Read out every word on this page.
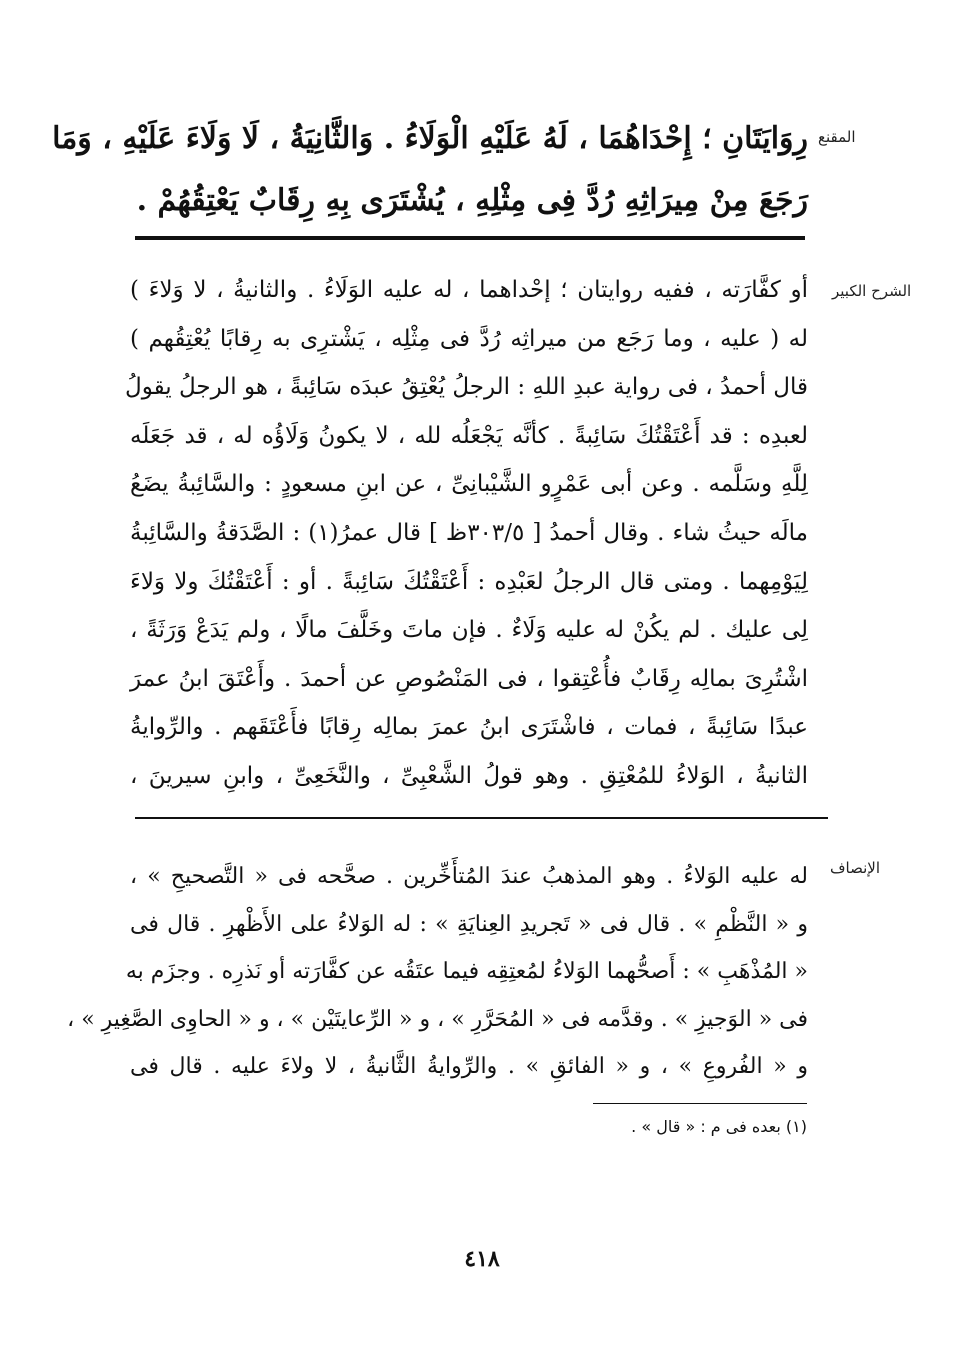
المقنع
رِوَايَتَانِ ؛ إِحْدَاهُمَا ، لَهُ عَلَيْهِ الْوَلَاءُ . وَالثَّانِيَةُ ، لَا وَلَاءَ عَلَيْهِ ، وَمَا
رَجَعَ مِنْ مِيرَاثِهِ رُدَّ فِى مِثْلِهِ ، يُشْتَرَى بِهِ رِقَابٌ يَعْتِقُهُمْ .
الشرح الكبير
أو كفَّارَته ، ففيه روايتان ؛ إحْداهما ، له عليه الوَلَاءُ . والثانيةُ ، لا وَلاءَ )
له ( عليه ، وما رَجَع من ميراثِه رُدَّ فى مِثْلِه ، يَشْترِى به رِقابًا يُعْتِقُهم )
قال أحمدُ ، فى رواية عبدِ اللهِ : الرجلُ يُعْتِقُ عبدَه سَائِبةً ، هو الرجلُ يقولُ
لعبدِه : قد أَعْتَقْتُكَ سَائِبةً . كأنَّه يَجْعَلُه لله ، لا يكونُ وَلَاؤُه له ، قد جَعَلَه
لِلَّهِ وسَلَّمه . وعن أبى عَمْرٍو الشَّيْبانِىِّ ، عن ابنِ مسعودٍ : والسَّائِبةُ يضَعُ
مالَه حيثُ شاء . وقال أحمدُ [ ٣٠٣/٥ظ ] قال عمرُ(١) : الصَّدَقةُ والسَّائِبةُ
لِيَوْمِهما . ومتى قال الرجلُ لعَبْدِه : أَعْتَقْتُكَ سَائِبةً . أو : أَعْتَقْتُكَ ولا وَلاءَ
لِى عليك . لم يكُنْ له عليه وَلَاءٌ . فإن ماتَ وخَلَّفَ مالًا ، ولم يَدَعْ وَرَثَةً ،
اشْتُرِىَ بمالِه رِقَابٌ فأُعْتِقوا ، فى المَنْصُوصِ عن أحمدَ . وأَعْتَقَ ابنُ عمرَ
عبدًا سَائِبةً ، فمات ، فاشْتَرَى ابنُ عمرَ بمالِه رِقابًا فأَعْتَقَهم . والرِّوايةُ
الثانيةُ ، الوَلاءُ للمُعْتِقِ . وهو قولُ الشَّعْبِىِّ ، والنَّخَعِىِّ ، وابنِ سيرينَ ،
الإنصاف
له عليه الوَلاءُ . وهو المذهبُ عندَ المُتأَخِّرين . صحَّحه فى « التَّصحيحِ » ،
و « النَّظْمِ » . قال فى « تَجريدِ العِنايَةِ » : له الوَلاءُ على الأَظْهرِ . قال فى
« المُذْهَبِ » : أَصحُّهما الوَلاءُ لمُعتِقِه فيما عتَقُه عن كفَّارَته أو نَذرِه . وجزَم به
فى « الوَجيزِ » . وقدَّمه فى « المُحَرَّرِ » ، و « الرِّعايتَيْن » ، و « الحاوِى الصَّغِيرِ » ،
و « الفُروعِ » ، و « الفائقِ » . والرِّوايةُ الثَّانيةُ ، لا ولاءَ عليه . قال فى
(١) بعده فى م : « قال » .
٤١٨
